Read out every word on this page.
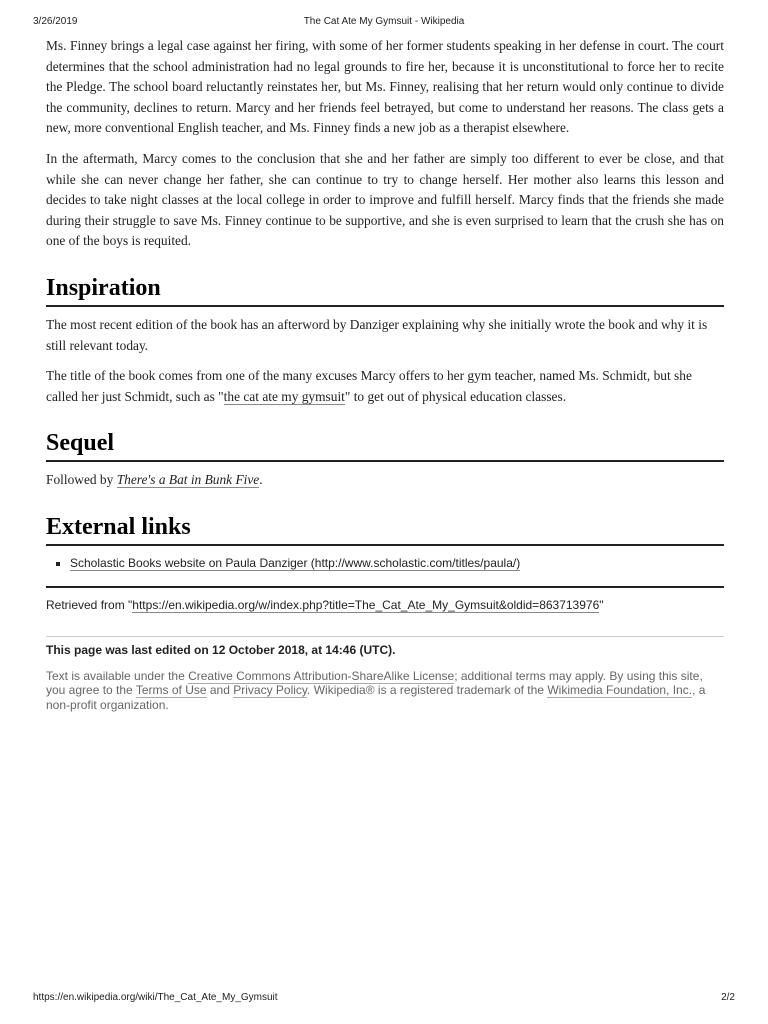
3/26/2019	The Cat Ate My Gymsuit - Wikipedia

Ms. Finney brings a legal case against her firing, with some of her former students speaking in her defense in court. The court determines that the school administration had no legal grounds to fire her, because it is unconstitutional to force her to recite the Pledge. The school board reluctantly reinstates her, but Ms. Finney, realising that her return would only continue to divide the community, declines to return. Marcy and her friends feel betrayed, but come to understand her reasons. The class gets a new, more conventional English teacher, and Ms. Finney finds a new job as a therapist elsewhere.

In the aftermath, Marcy comes to the conclusion that she and her father are simply too different to ever be close, and that while she can never change her father, she can continue to try to change herself. Her mother also learns this lesson and decides to take night classes at the local college in order to improve and fulfill herself. Marcy finds that the friends she made during their struggle to save Ms. Finney continue to be supportive, and she is even surprised to learn that the crush she has on one of the boys is requited.

Inspiration

The most recent edition of the book has an afterword by Danziger explaining why she initially wrote the book and why it is still relevant today.

The title of the book comes from one of the many excuses Marcy offers to her gym teacher, named Ms. Schmidt, but she called her just Schmidt, such as "the cat ate my gymsuit" to get out of physical education classes.

Sequel

Followed by There's a Bat in Bunk Five.

External links
▪ Scholastic Books website on Paula Danziger (http://www.scholastic.com/titles/paula/)
Retrieved from "https://en.wikipedia.org/w/index.php?title=The_Cat_Ate_My_Gymsuit&oldid=863713976"
This page was last edited on 12 October 2018, at 14:46 (UTC).

Text is available under the Creative Commons Attribution-ShareAlike License; additional terms may apply. By using this site, you agree to the Terms of Use and Privacy Policy. Wikipedia® is a registered trademark of the Wikimedia Foundation, Inc., a non-profit organization.

https://en.wikipedia.org/wiki/The_Cat_Ate_My_Gymsuit	2/2
